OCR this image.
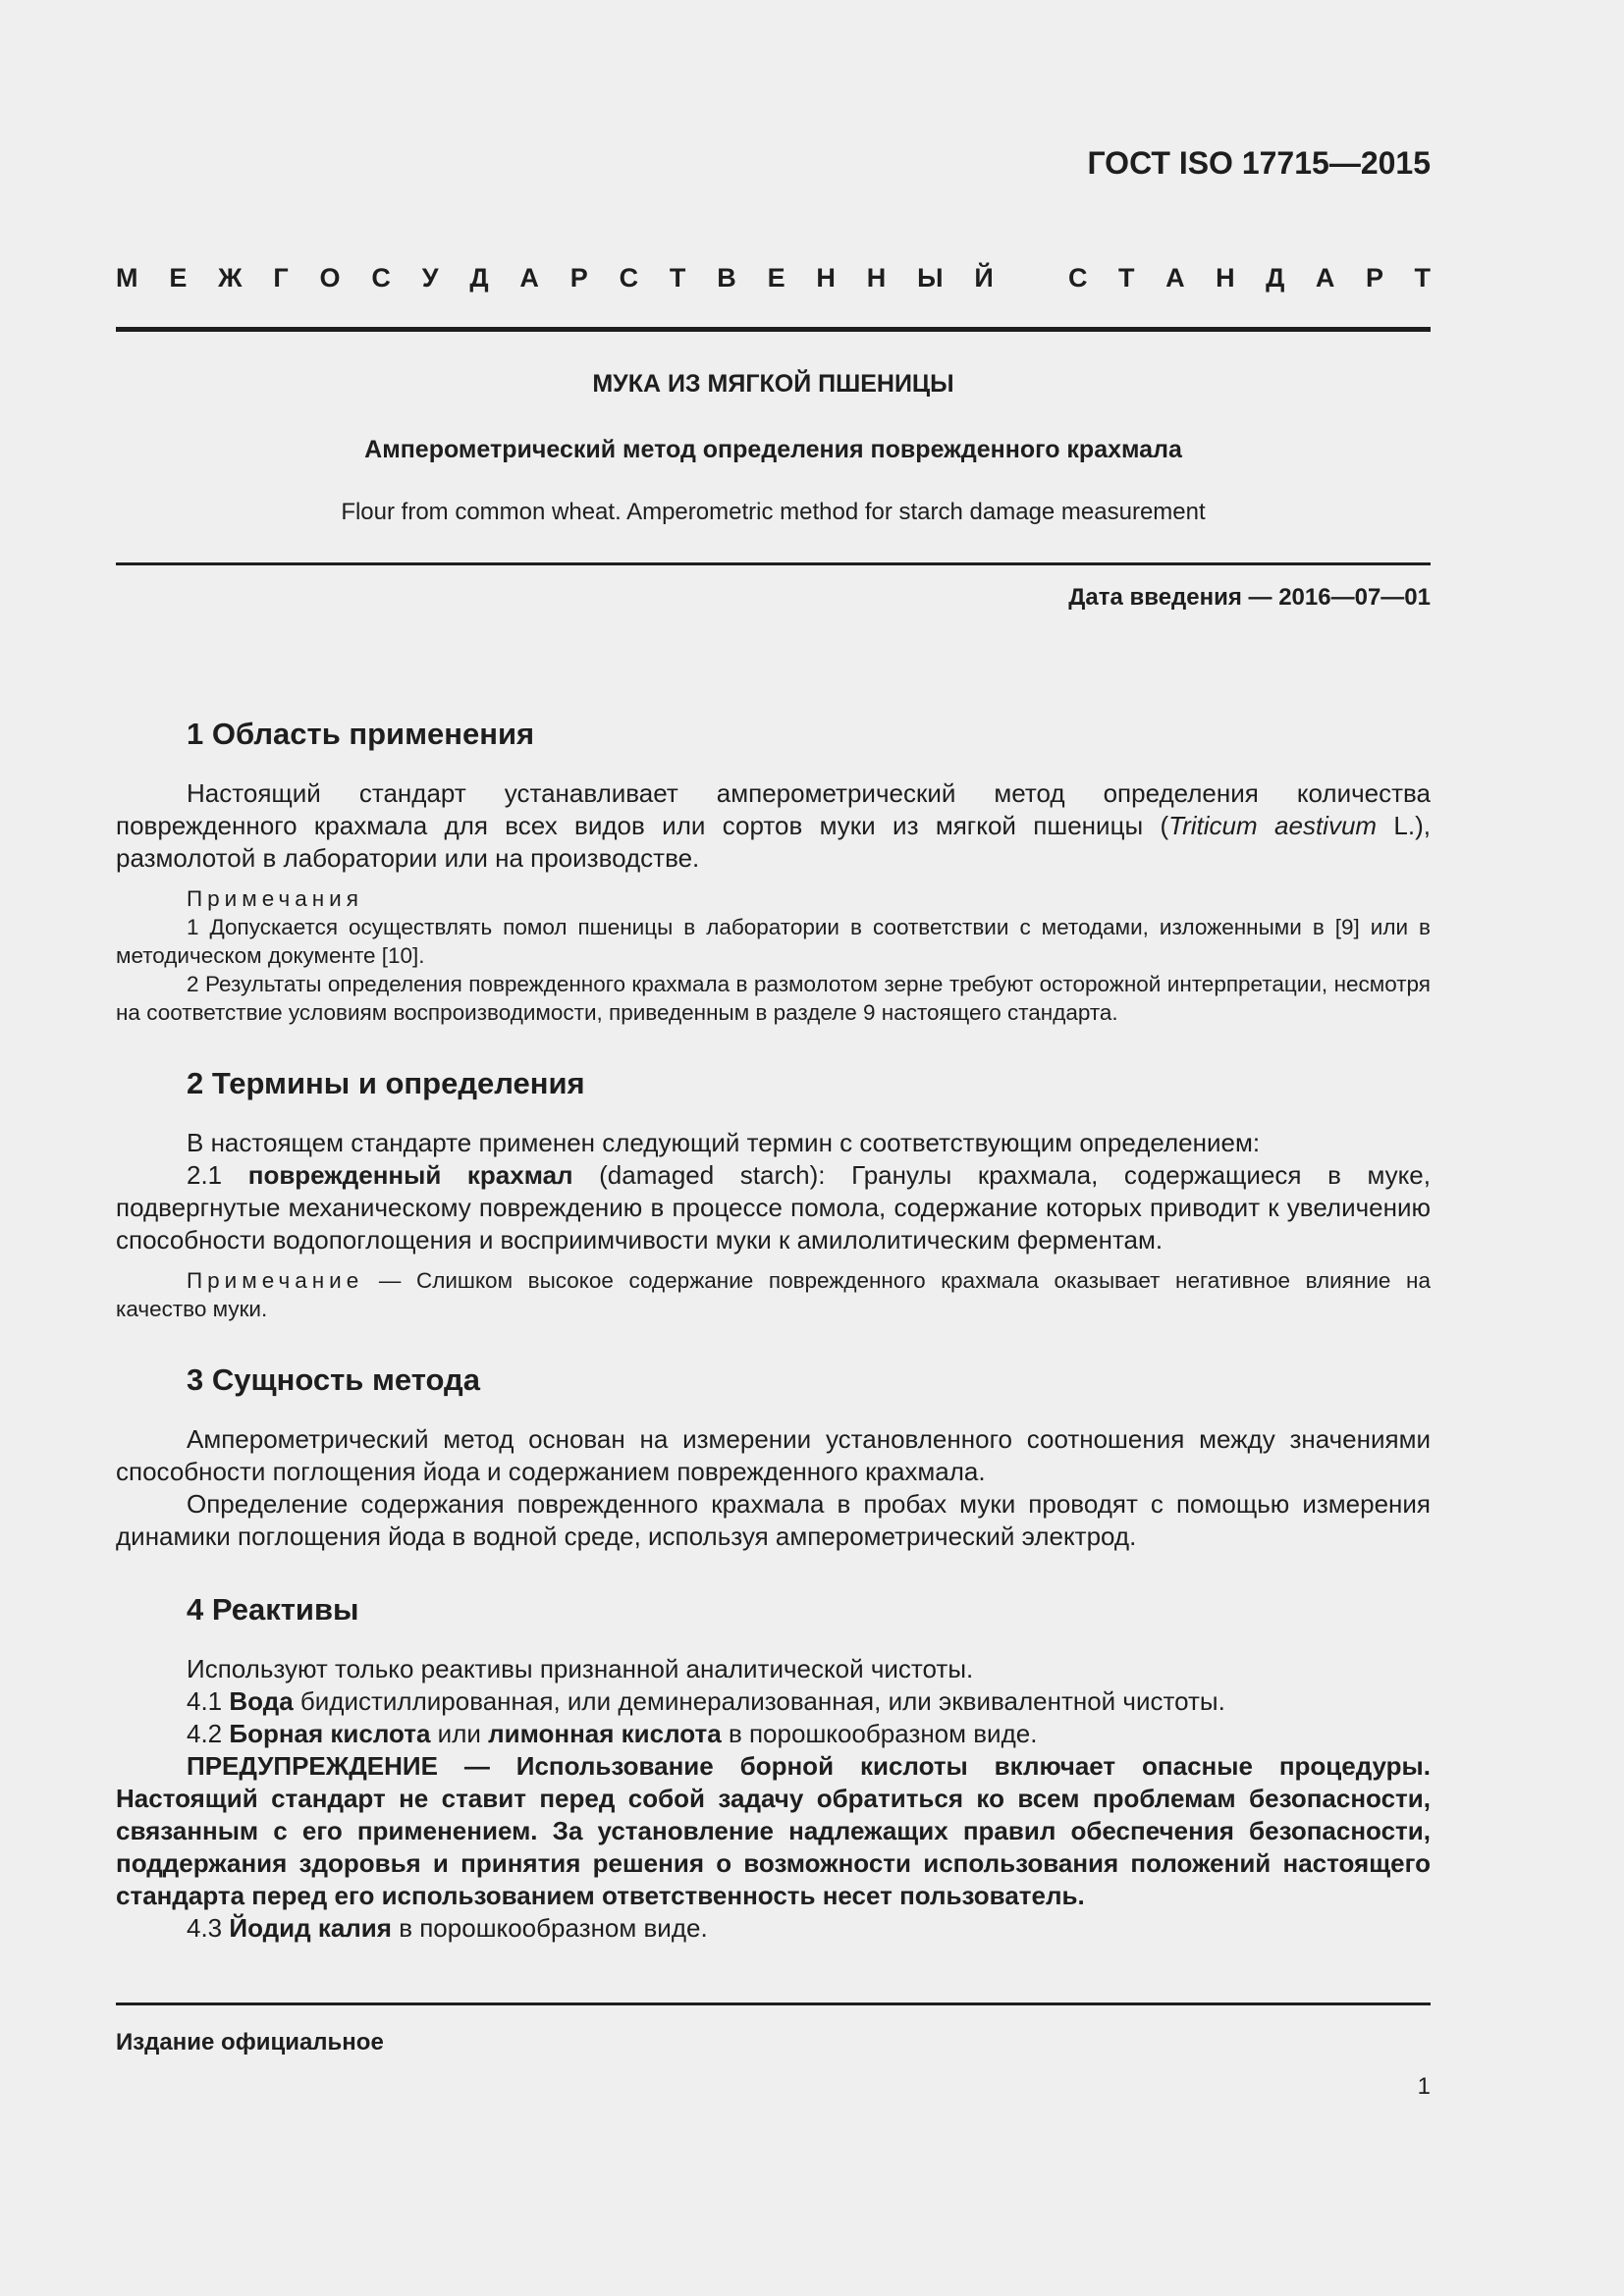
ГОСТ ISO 17715—2015
М Е Ж Г О С У Д А Р С Т В Е Н Н Ы Й	С Т А Н Д А Р Т
МУКА ИЗ МЯГКОЙ ПШЕНИЦЫ
Амперометрический метод определения поврежденного крахмала
Flour from common wheat. Amperometric method for starch damage measurement
Дата введения — 2016—07—01
1 Область применения

Настоящий стандарт устанавливает амперометрический метод определения количества поврежденного крахмала для всех видов или сортов муки из мягкой пшеницы (Triticum aestivum L.), размолотой в лаборатории или на производстве.

Примечания

1 Допускается осуществлять помол пшеницы в лаборатории в соответствии с методами, изложенными в [9] или в методическом документе [10].

2 Результаты определения поврежденного крахмала в размолотом зерне требуют осторожной интерпретации, несмотря на соответствие условиям воспроизводимости, приведенным в разделе 9 настоящего стандарта.

2 Термины и определения

В настоящем стандарте применен следующий термин с соответствующим определением:

2.1 поврежденный крахмал (damaged starch): Гранулы крахмала, содержащиеся в муке, подвергнутые механическому повреждению в процессе помола, содержание которых приводит к увеличению способности водопоглощения и восприимчивости муки к амилолитическим ферментам.

Примечание — Слишком высокое содержание поврежденного крахмала оказывает негативное влияние на качество муки.

3 Сущность метода

Амперометрический метод основан на измерении установленного соотношения между значениями способности поглощения йода и содержанием поврежденного крахмала.

Определение содержания поврежденного крахмала в пробах муки проводят с помощью измерения динамики поглощения йода в водной среде, используя амперометрический электрод.

4 Реактивы

Используют только реактивы признанной аналитической чистоты.

4.1 Вода бидистиллированная, или деминерализованная, или эквивалентной чистоты.

4.2 Борная кислота или лимонная кислота в порошкообразном виде.

ПРЕДУПРЕЖДЕНИЕ — Использование борной кислоты включает опасные процедуры. Настоящий стандарт не ставит перед собой задачу обратиться ко всем проблемам безопасности, связанным с его применением. За установление надлежащих правил обеспечения безопасности, поддержания здоровья и принятия решения о возможности использования положений настоящего стандарта перед его использованием ответственность несет пользователь.

4.3 Йодид калия в порошкообразном виде.

Издание официальное
1
